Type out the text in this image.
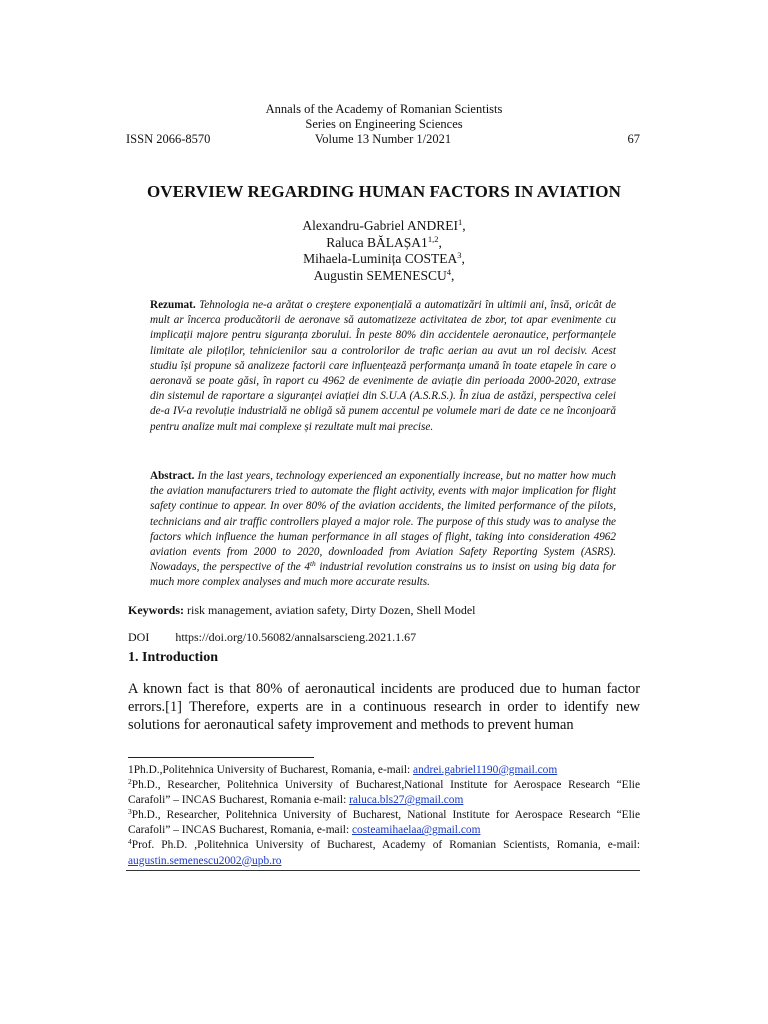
Annals of the Academy of Romanian Scientists
Series on Engineering Sciences
ISSN 2066-8570	Volume 13 Number 1/2021	67
OVERVIEW REGARDING HUMAN FACTORS IN AVIATION
Alexandru-Gabriel ANDREI$^1$,
Raluca BĂLAȘA1$^{1,2}$,
Mihaela-Luminița COSTEA$^3$,
Augustin SEMENESCU$^4$,
Rezumat. Tehnologia ne-a arătat o creştere exponențială a automatizări în ultimii ani, însă, oricât de mult ar încerca producătorii de aeronave să automatizeze activitatea de zbor, tot apar evenimente cu implicații majore pentru siguranța zborului. În peste 80% din accidentele aeronautice, performanțele limitate ale piloților, tehnicienilor sau a controlorilor de trafic aerian au avut un rol decisiv. Acest studiu își propune să analizeze factorii care influențează performanța umană în toate etapele în care o aeronavă se poate găsi, în raport cu 4962 de evenimente de aviație din perioada 2000-2020, extrase din sistemul de raportare a siguranței aviației din S.U.A (A.S.R.S.). În ziua de astăzi, perspectiva celei de-a IV-a revoluție industrială ne obligă să punem accentul pe volumele mari de date ce ne înconjoară pentru analize mult mai complexe și rezultate mult mai precise.
Abstract. In the last years, technology experienced an exponentially increase, but no matter how much the aviation manufacturers tried to automate the flight activity, events with major implication for flight safety continue to appear. In over 80% of the aviation accidents, the limited performance of the pilots, technicians and air traffic controllers played a major role. The purpose of this study was to analyse the factors which influence the human performance in all stages of flight, taking into consideration 4962 aviation events from 2000 to 2020, downloaded from Aviation Safety Reporting System (ASRS). Nowadays, the perspective of the 4th industrial revolution constrains us to insist on using big data for much more complex analyses and much more accurate results.
Keywords: risk management, aviation safety, Dirty Dozen, Shell Model
DOI https://doi.org/10.56082/annalsarscieng.2021.1.67
1. Introduction
A known fact is that 80% of aeronautical incidents are produced due to human factor errors.[1] Therefore, experts are in a continuous research in order to identify new solutions for aeronautical safety improvement and methods to prevent human
1Ph.D.,Politehnica University of Bucharest, Romania, e-mail: andrei.gabriel1190@gmail.com
$^2$Ph.D., Researcher, Politehnica University of Bucharest,National Institute for Aerospace Research “Elie Carafoli” – INCAS Bucharest, Romania e-mail: raluca.bls27@gmail.com
$^3$Ph.D., Researcher, Politehnica University of Bucharest, National Institute for Aerospace Research “Elie Carafoli” – INCAS Bucharest, Romania, e-mail: costeamihaelaa@gmail.com
$^4$Prof. Ph.D. ,Politehnica University of Bucharest, Academy of Romanian Scientists, Romania, e-mail: augustin.semenescu2002@upb.ro
